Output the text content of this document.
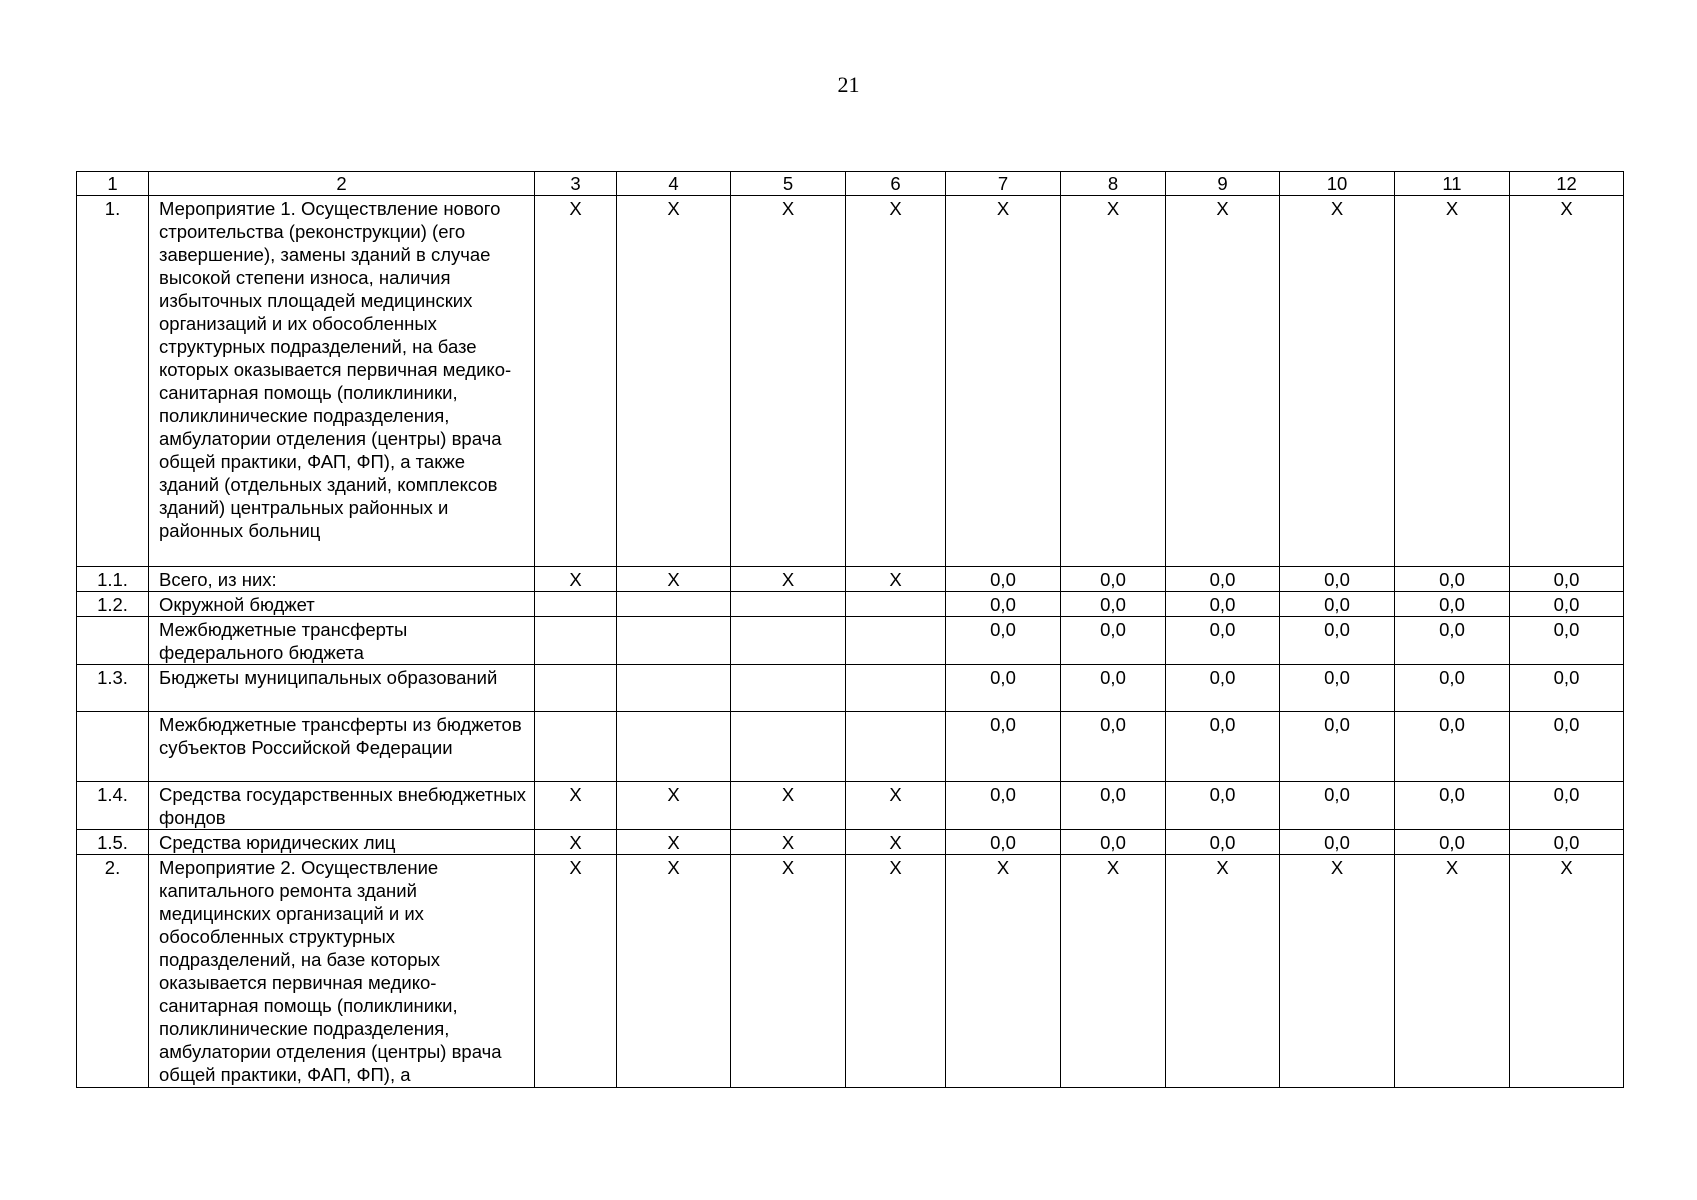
21
1	2	3	4	5	6	7	8	9	10	11	12
1.	Мероприятие 1. Осуществление нового строительства (реконструкции) (его завершение), замены зданий в случае высокой степени износа, наличия избыточных площадей медицинских организаций и их обособленных структурных подразделений, на базе которых оказывается первичная медико-санитарная помощь (поликлиники, поликлинические подразделения, амбулатории отделения (центры) врача общей практики, ФАП, ФП), а также зданий (отдельных зданий, комплексов зданий) центральных районных и районных больниц	X	X	X	X	X	X	X	X	X	X
1.1.	Всего, из них:	X	X	X	X	0,0	0,0	0,0	0,0	0,0	0,0
1.2.	Окружной бюджет					0,0	0,0	0,0	0,0	0,0	0,0
	Межбюджетные трансферты федерального бюджета					0,0	0,0	0,0	0,0	0,0	0,0
1.3.	Бюджеты муниципальных образований					0,0	0,0	0,0	0,0	0,0	0,0
	Межбюджетные трансферты из бюджетов субъектов Российской Федерации					0,0	0,0	0,0	0,0	0,0	0,0
1.4.	Средства государственных внебюджетных фондов	X	X	X	X	0,0	0,0	0,0	0,0	0,0	0,0
1.5.	Средства юридических лиц	X	X	X	X	0,0	0,0	0,0	0,0	0,0	0,0
2.	Мероприятие 2. Осуществление капитального ремонта зданий медицинских организаций и их обособленных структурных подразделений, на базе которых оказывается первичная медико-санитарная помощь (поликлиники, поликлинические подразделения, амбулатории отделения (центры) врача общей практики, ФАП, ФП), а	X	X	X	X	X	X	X	X	X	X
